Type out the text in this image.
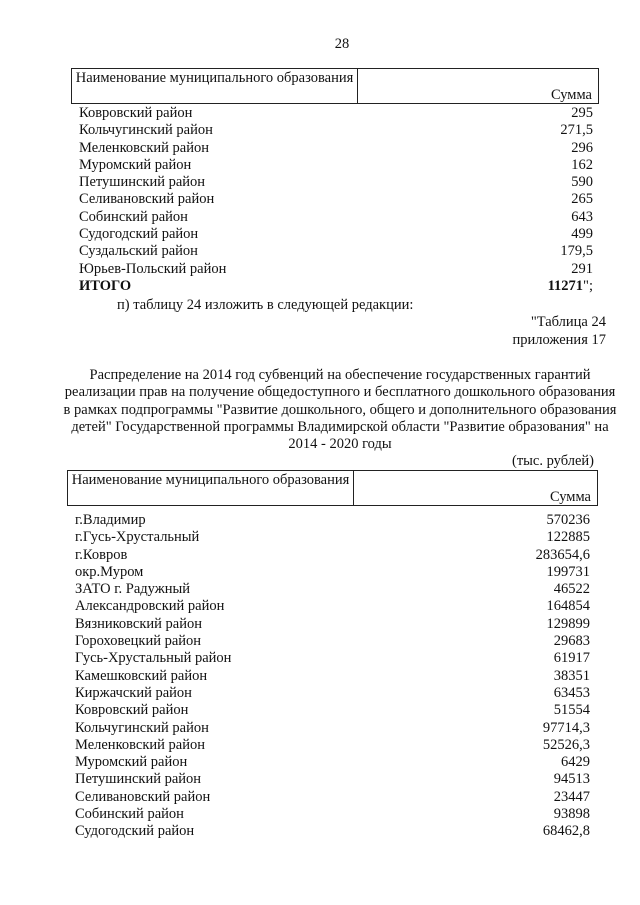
28
Наименование муниципального образования
Сумма
Ковровский район	295
Кольчугинский район	271,5
Меленковский район	296
Муромский район	162
Петушинский район	590
Селивановский район	265
Собинский район	643
Судогодский район	499
Суздальский район	179,5
Юрьев-Польский район	291
ИТОГО	11271";
п) таблицу 24 изложить в следующей редакции:
"Таблица 24
приложения 17
Распределение на 2014 год субвенций на обеспечение государственных гарантий реализации прав на получение общедоступного и бесплатного дошкольного образования в рамках подпрограммы "Развитие дошкольного, общего и дополнительного образования детей" Государственной программы Владимирской области "Развитие образования" на 2014 - 2020 годы
(тыс. рублей)
Наименование муниципального образования
Сумма
г.Владимир	570236
г.Гусь-Хрустальный	122885
г.Ковров	283654,6
окр.Муром	199731
ЗАТО г. Радужный	46522
Александровский район	164854
Вязниковский район	129899
Гороховецкий район	29683
Гусь-Хрустальный район	61917
Камешковский район	38351
Киржачский район	63453
Ковровский район	51554
Кольчугинский район	97714,3
Меленковский район	52526,3
Муромский район	6429
Петушинский район	94513
Селивановский район	23447
Собинский район	93898
Судогодский район	68462,8
